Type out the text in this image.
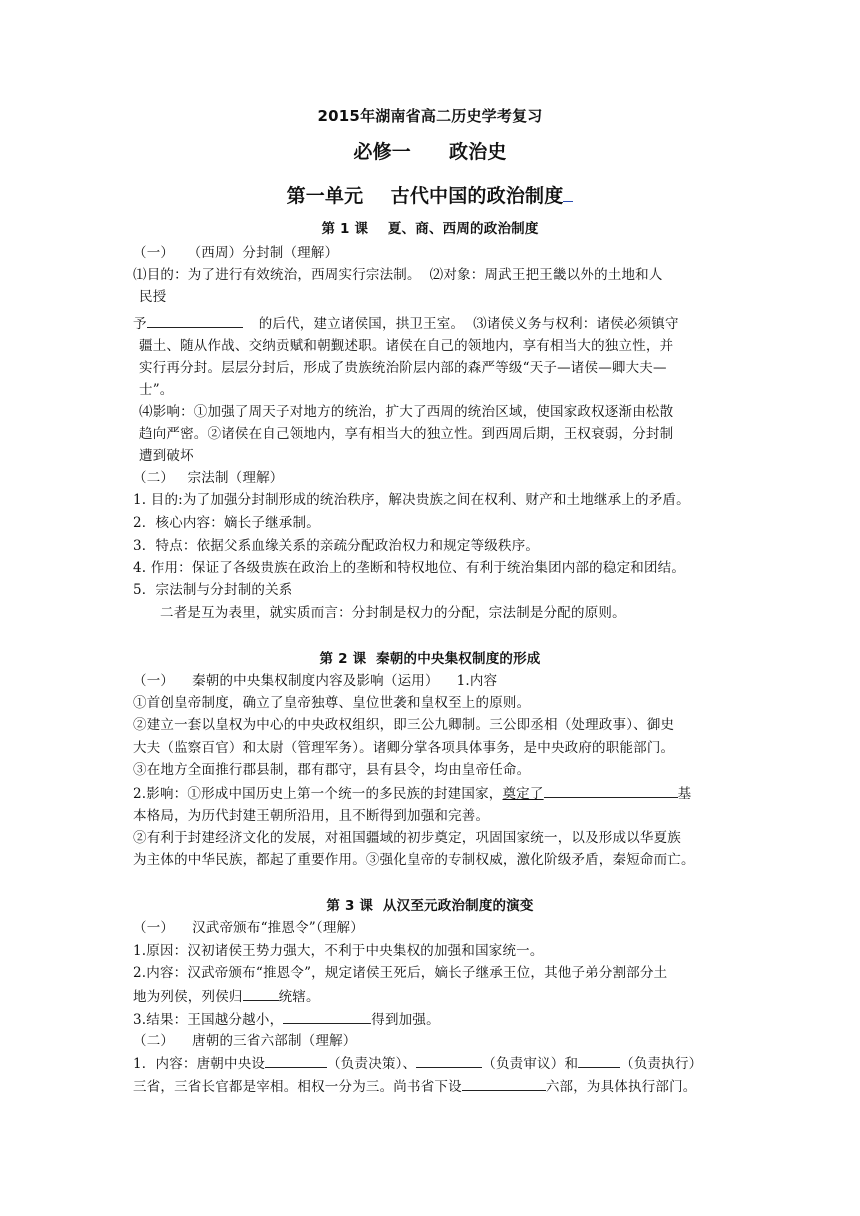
2015年湖南省高二历史学考复习
必修一 政治史
第一单元    古代中国的政治制度
第 1 课    夏、商、西周的政治制度
（一）   （西周）分封制（理解）
⑴目的：为了进行有效统治，西周实行宗法制。  ⑵对象：周武王把王畿以外的土地和人
民授
予	的后代，建立诸侯国，拱卫王室。  ⑶诸侯义务与权利：诸侯必须镇守
疆土、随从作战、交纳贡赋和朝觐述职。诸侯在自己的领地内，享有相当大的独立性，并
实行再分封。层层分封后，形成了贵族统治阶层内部的森严等级“天子—诸侯—卿大夫—
士”。
⑷影响：①加强了周天子对地方的统治，扩大了西周的统治区域，使国家政权逐渐由松散
趋向严密。②诸侯在自己领地内，享有相当大的独立性。到西周后期，王权衰弱，分封制
遭到破坏
（二）   宗法制（理解）
1. 目的:为了加强分封制形成的统治秩序，解决贵族之间在权利、财产和土地继承上的矛盾。
2．核心内容：嫡长子继承制。
3．特点：依据父系血缘关系的亲疏分配政治权力和规定等级秩序。
4. 作用：保证了各级贵族在政治上的垄断和特权地位、有利于统治集团内部的稳定和团结。
5．宗法制与分封制的关系
二者是互为表里，就实质而言：分封制是权力的分配，宗法制是分配的原则。
第 2 课  秦朝的中央集权制度的形成
（一）    秦朝的中央集权制度内容及影响（运用）    1.内容
①首创皇帝制度，确立了皇帝独尊、皇位世袭和皇权至上的原则。
②建立一套以皇权为中心的中央政权组织，即三公九卿制。三公即丞相（处理政事）、御史
大夫（监察百官）和太尉（管理军务）。诸卿分掌各项具体事务，是中央政府的职能部门。
③在地方全面推行郡县制，郡有郡守，县有县令，均由皇帝任命。
2.影响：①形成中国历史上第一个统一的多民族的封建国家，奠定了	基
本格局，为历代封建王朝所沿用，且不断得到加强和完善。
②有利于封建经济文化的发展，对祖国疆域的初步奠定，巩固国家统一，以及形成以华夏族
为主体的中华民族，都起了重要作用。③强化皇帝的专制权威，激化阶级矛盾，秦短命而亡。
第 3 课  从汉至元政治制度的演变
（一）    汉武帝颁布“推恩令”（理解）
1.原因：汉初诸侯王势力强大，不利于中央集权的加强和国家统一。
2.内容：汉武帝颁布“推恩令”，规定诸侯王死后，嫡长子继承王位，其他子弟分割部分土
地为列侯，列侯归	统辖。
3.结果：王国越分越小，	得到加强。
（二）    唐朝的三省六部制（理解）
1．内容：唐朝中央设	（负责决策）、	（负责审议）和	（负责执行）
三省，三省长官都是宰相。相权一分为三。尚书省下设	六部，为具体执行部门。
